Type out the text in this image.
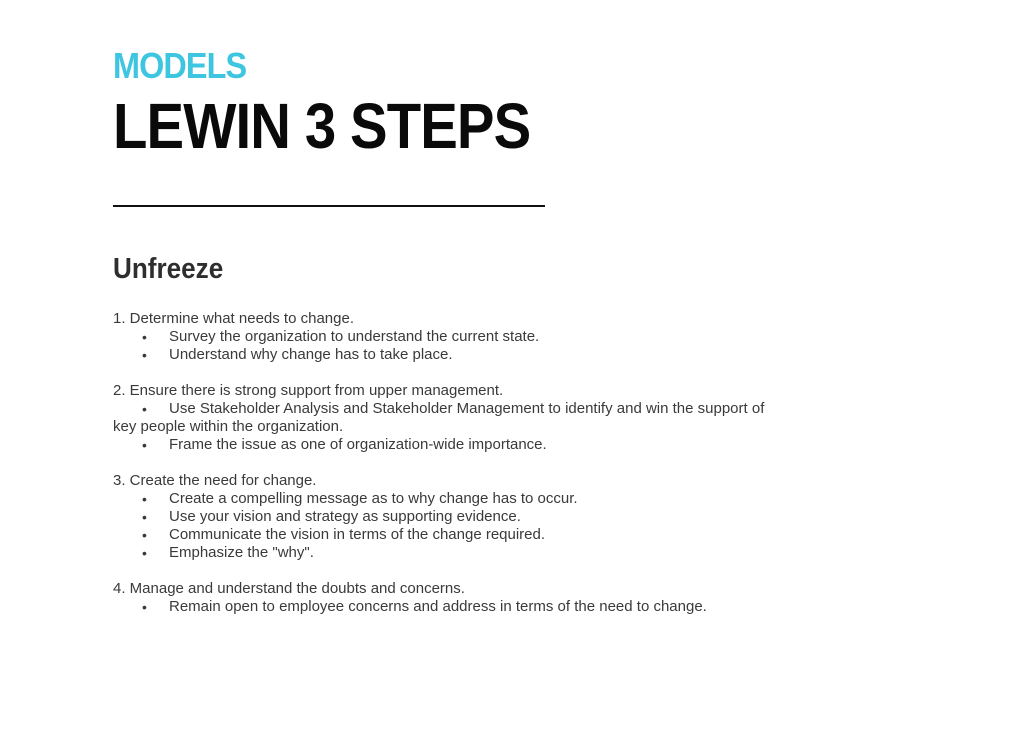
MODELS
LEWIN 3 STEPS
Unfreeze
1. Determine what needs to change.
• Survey the organization to understand the current state.
• Understand why change has to take place.
2. Ensure there is strong support from upper management.
• Use Stakeholder Analysis and Stakeholder Management to identify and win the support of key people within the organization.
• Frame the issue as one of organization-wide importance.
3. Create the need for change.
• Create a compelling message as to why change has to occur.
• Use your vision and strategy as supporting evidence.
• Communicate the vision in terms of the change required.
• Emphasize the "why".
4. Manage and understand the doubts and concerns.
• Remain open to employee concerns and address in terms of the need to change.
